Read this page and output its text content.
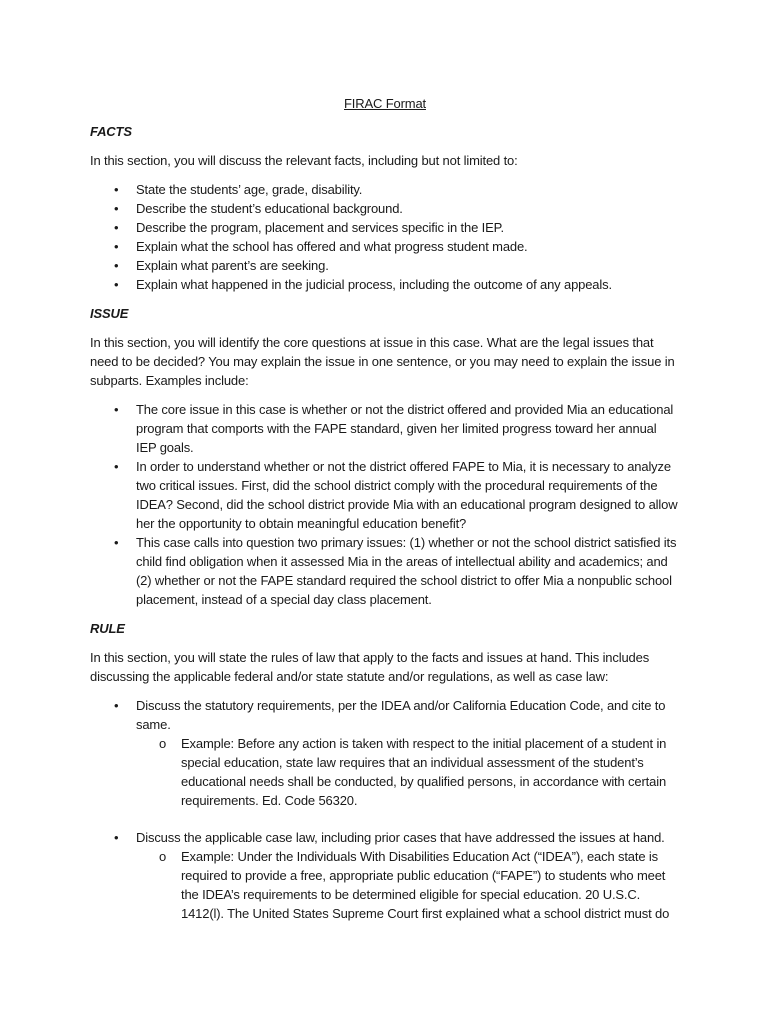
FIRAC Format
FACTS
In this section, you will discuss the relevant facts, including but not limited to:
• State the students’ age, grade, disability.
• Describe the student’s educational background.
• Describe the program, placement and services specific in the IEP.
• Explain what the school has offered and what progress student made.
• Explain what parent’s are seeking.
• Explain what happened in the judicial process, including the outcome of any appeals.
ISSUE
In this section, you will identify the core questions at issue in this case. What are the legal issues that need to be decided? You may explain the issue in one sentence, or you may need to explain the issue in subparts. Examples include:
• The core issue in this case is whether or not the district offered and provided Mia an educational program that comports with the FAPE standard, given her limited progress toward her annual IEP goals.
• In order to understand whether or not the district offered FAPE to Mia, it is necessary to analyze two critical issues. First, did the school district comply with the procedural requirements of the IDEA? Second, did the school district provide Mia with an educational program designed to allow her the opportunity to obtain meaningful education benefit?
• This case calls into question two primary issues: (1) whether or not the school district satisfied its child find obligation when it assessed Mia in the areas of intellectual ability and academics; and (2) whether or not the FAPE standard required the school district to offer Mia a nonpublic school placement, instead of a special day class placement.
RULE
In this section, you will state the rules of law that apply to the facts and issues at hand. This includes discussing the applicable federal and/or state statute and/or regulations, as well as case law:
• Discuss the statutory requirements, per the IDEA and/or California Education Code, and cite to same.
o Example: Before any action is taken with respect to the initial placement of a student in special education, state law requires that an individual assessment of the student’s educational needs shall be conducted, by qualified persons, in accordance with certain requirements. Ed. Code 56320.
• Discuss the applicable case law, including prior cases that have addressed the issues at hand.
o Example: Under the Individuals With Disabilities Education Act (“IDEA”), each state is required to provide a free, appropriate public education (“FAPE”) to students who meet the IDEA’s requirements to be determined eligible for special education. 20 U.S.C. 1412(l). The United States Supreme Court first explained what a school district must do
